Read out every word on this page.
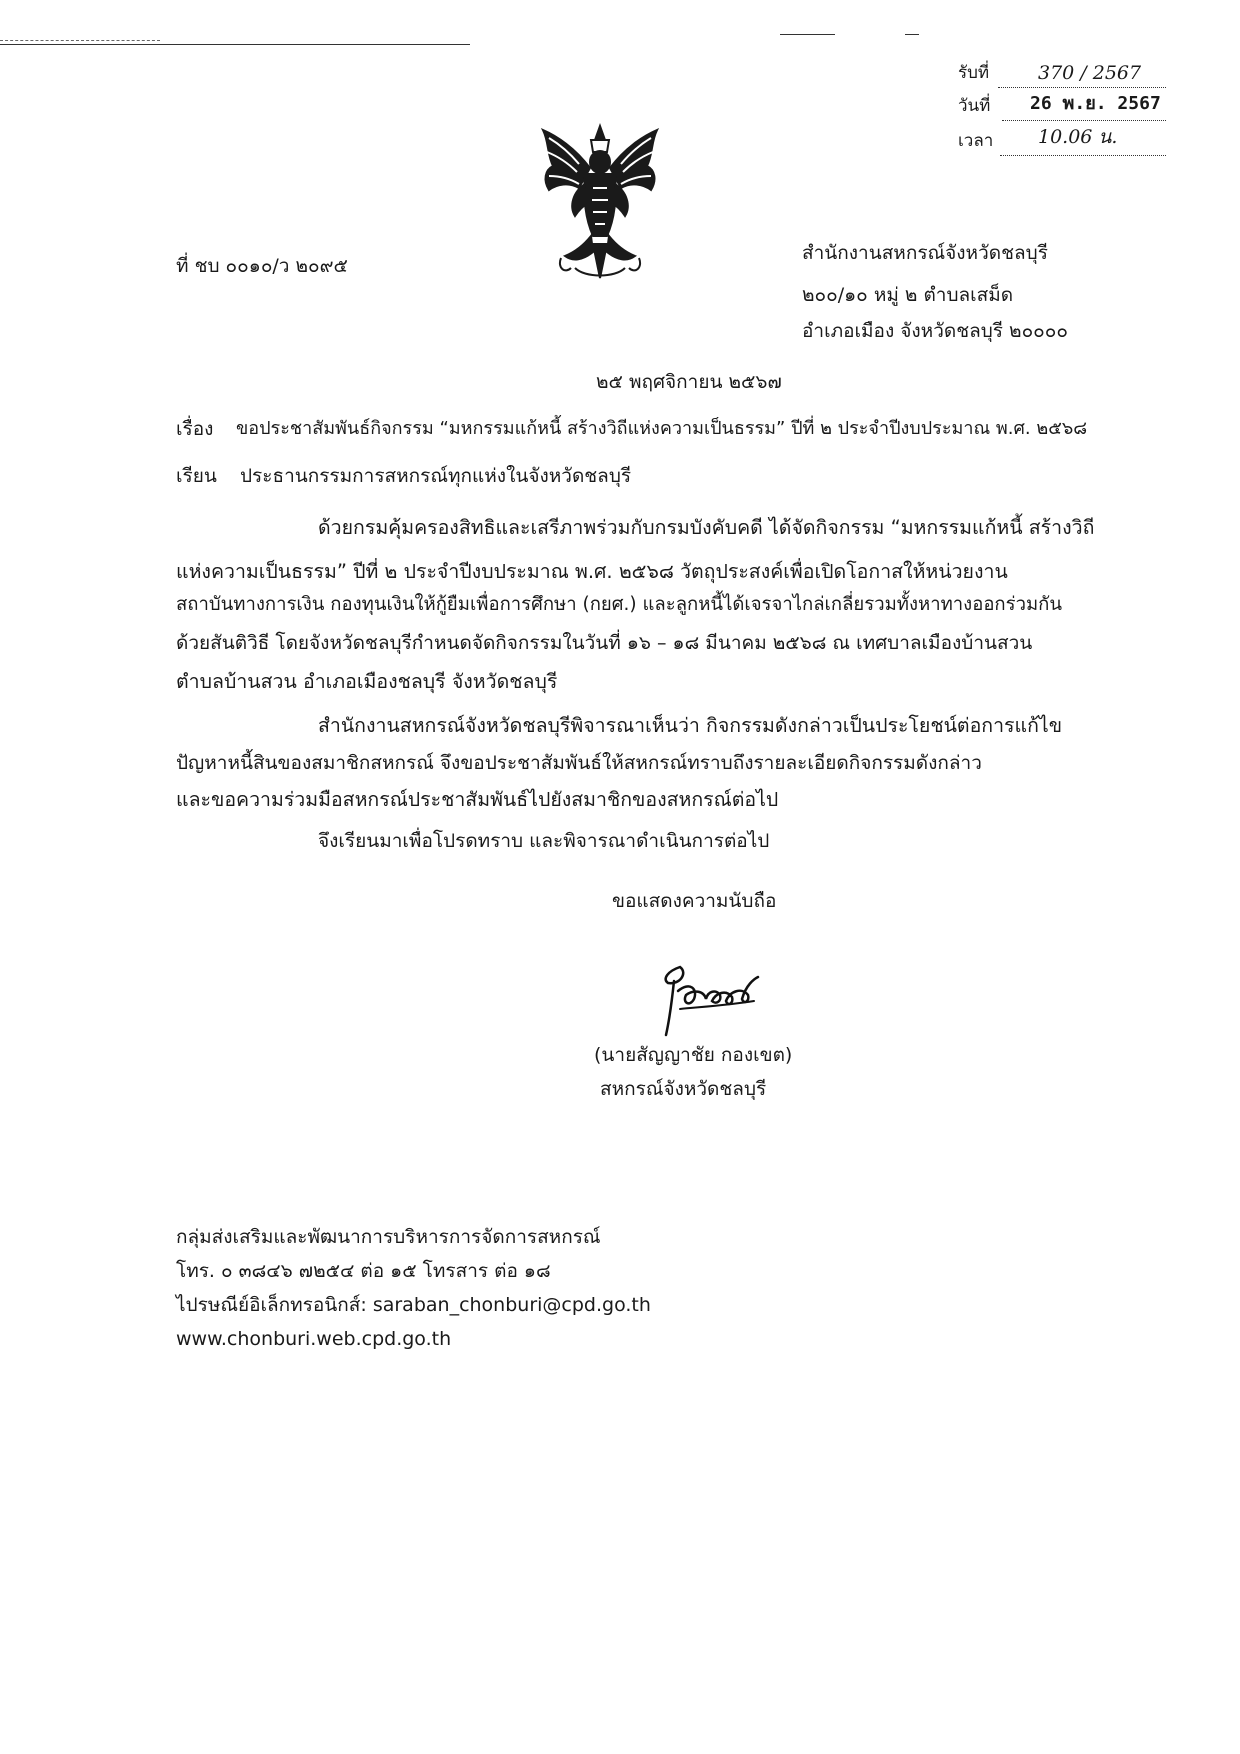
รับที่	370 / 2567
วันที่ 26 พ.ย. 2567
เวลา 10.06 น.
ที่ ชบ ๐๐๑๐/ว ๒๐๙๕
สำนักงานสหกรณ์จังหวัดชลบุรี
๒๐๐/๑๐ หมู่ ๒ ตำบลเสม็ด
อำเภอเมือง จังหวัดชลบุรี ๒๐๐๐๐
๒๕ พฤศจิกายน ๒๕๖๗
เรื่อง ขอประชาสัมพันธ์กิจกรรม “มหกรรมแก้หนี้ สร้างวิถีแห่งความเป็นธรรม” ปีที่ ๒ ประจำปีงบประมาณ พ.ศ. ๒๕๖๘
เรียน ประธานกรรมการสหกรณ์ทุกแห่งในจังหวัดชลบุรี
ด้วยกรมคุ้มครองสิทธิและเสรีภาพร่วมกับกรมบังคับคดี ได้จัดกิจกรรม “มหกรรมแก้หนี้ สร้างวิถี
แห่งความเป็นธรรม” ปีที่ ๒ ประจำปีงบประมาณ พ.ศ. ๒๕๖๘ วัตถุประสงค์เพื่อเปิดโอกาสให้หน่วยงาน
สถาบันทางการเงิน กองทุนเงินให้กู้ยืมเพื่อการศึกษา (กยศ.) และลูกหนี้ได้เจรจาไกล่เกลี่ยรวมทั้งหาทางออกร่วมกัน
ด้วยสันติวิธี โดยจังหวัดชลบุรีกำหนดจัดกิจกรรมในวันที่ ๑๖ – ๑๘ มีนาคม ๒๕๖๘ ณ เทศบาลเมืองบ้านสวน
ตำบลบ้านสวน อำเภอเมืองชลบุรี จังหวัดชลบุรี
สำนักงานสหกรณ์จังหวัดชลบุรีพิจารณาเห็นว่า กิจกรรมดังกล่าวเป็นประโยชน์ต่อการแก้ไข
ปัญหาหนี้สินของสมาชิกสหกรณ์ จึงขอประชาสัมพันธ์ให้สหกรณ์ทราบถึงรายละเอียดกิจกรรมดังกล่าว
และขอความร่วมมือสหกรณ์ประชาสัมพันธ์ไปยังสมาชิกของสหกรณ์ต่อไป
จึงเรียนมาเพื่อโปรดทราบ และพิจารณาดำเนินการต่อไป
ขอแสดงความนับถือ
(นายสัญญาชัย กองเขต)
สหกรณ์จังหวัดชลบุรี
กลุ่มส่งเสริมและพัฒนาการบริหารการจัดการสหกรณ์
โทร. ๐ ๓๘๔๖ ๗๒๕๔ ต่อ ๑๕ โทรสาร ต่อ ๑๘
ไปรษณีย์อิเล็กทรอนิกส์: saraban_chonburi@cpd.go.th
www.chonburi.web.cpd.go.th
